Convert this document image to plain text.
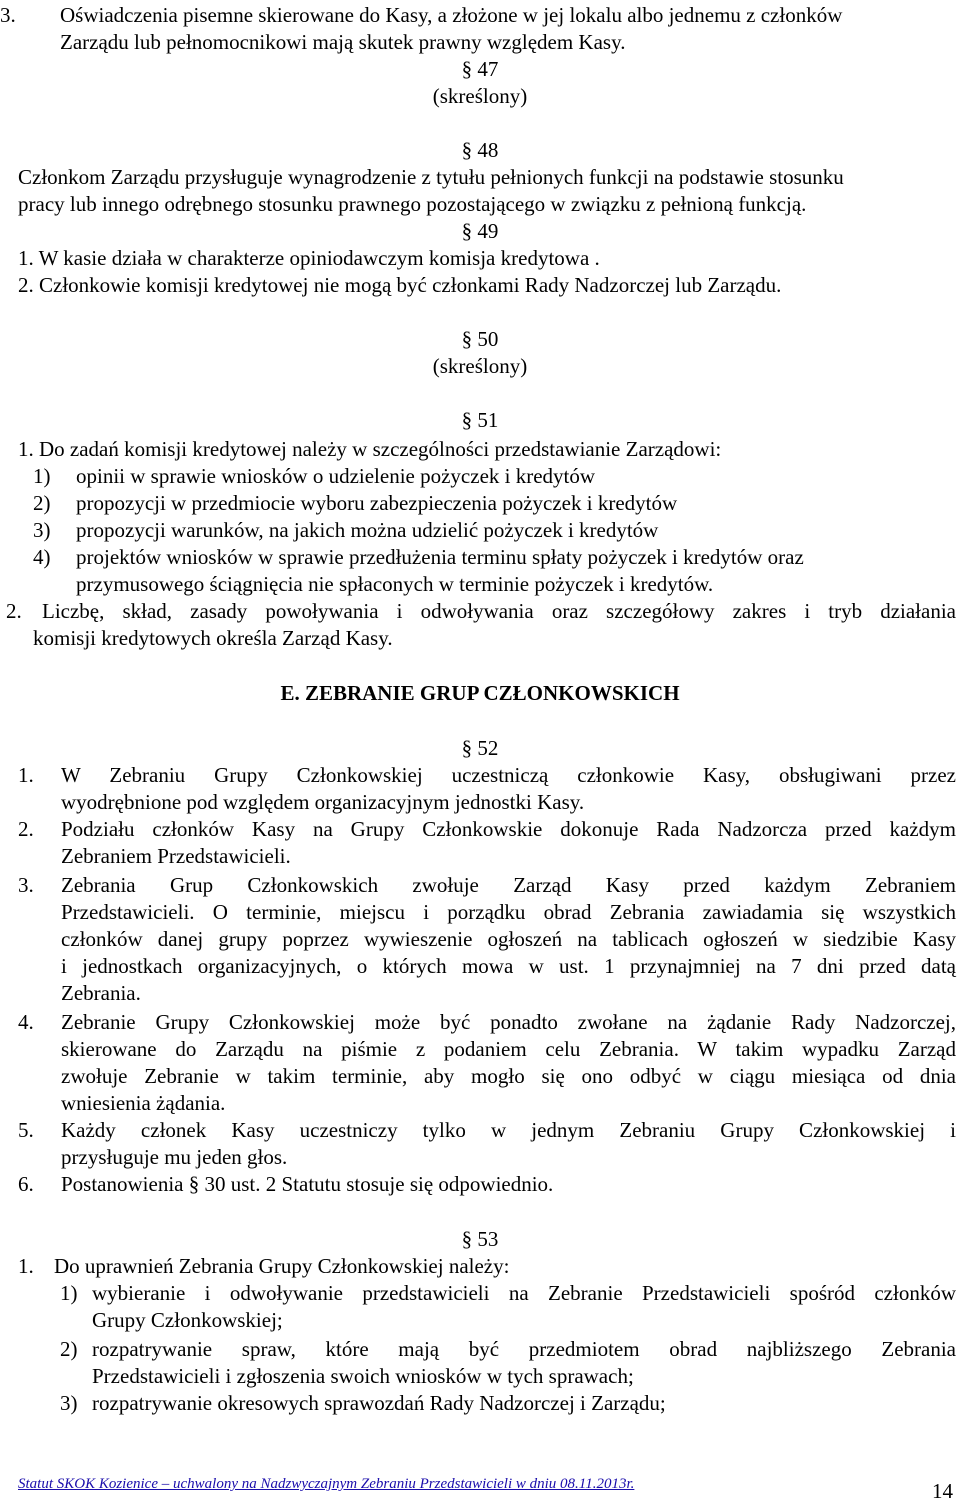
3. Oświadczenia pisemne skierowane do Kasy, a złożone w jej lokalu albo jednemu z członków
Zarządu lub pełnomocnikowi mają skutek prawny względem Kasy.
§ 47
(skreślony)
§ 48
Członkom Zarządu przysługuje wynagrodzenie z tytułu pełnionych funkcji na podstawie stosunku
pracy lub innego odrębnego stosunku prawnego pozostającego w związku z pełnioną funkcją.
§ 49
1. W kasie działa w charakterze opiniodawczym komisja kredytowa .
2. Członkowie komisji kredytowej nie mogą być członkami Rady Nadzorczej lub Zarządu.
§ 50
(skreślony)
§ 51
1. Do zadań komisji kredytowej należy w szczególności przedstawianie Zarządowi:
1) opinii w sprawie wniosków o udzielenie pożyczek i kredytów
2) propozycji w przedmiocie wyboru zabezpieczenia pożyczek i kredytów
3) propozycji warunków, na jakich można udzielić pożyczek i kredytów
4) projektów wniosków w sprawie przedłużenia terminu spłaty pożyczek i kredytów oraz
przymusowego ściągnięcia nie spłaconych w terminie pożyczek i kredytów.
2. Liczbę, skład, zasady powoływania i odwoływania oraz szczegółowy zakres i tryb działania
komisji kredytowych określa Zarząd Kasy.
E. ZEBRANIE GRUP CZŁONKOWSKICH
§ 52
1. W Zebraniu Grupy Członkowskiej uczestniczą członkowie Kasy, obsługiwani przez
wyodrębnione pod względem organizacyjnym jednostki Kasy.
2. Podziału członków Kasy na Grupy Członkowskie dokonuje Rada Nadzorcza przed każdym
Zebraniem Przedstawicieli.
3. Zebrania Grup Członkowskich zwołuje Zarząd Kasy przed każdym Zebraniem
Przedstawicieli. O terminie, miejscu i porządku obrad Zebrania zawiadamia się wszystkich
członków danej grupy poprzez wywieszenie ogłoszeń na tablicach ogłoszeń w siedzibie Kasy
i jednostkach organizacyjnych, o których mowa w ust. 1 przynajmniej na 7 dni przed datą
Zebrania.
4. Zebranie Grupy Członkowskiej może być ponadto zwołane na żądanie Rady Nadzorczej,
skierowane do Zarządu na piśmie z podaniem celu Zebrania. W takim wypadku Zarząd
zwołuje Zebranie w takim terminie, aby mogło się ono odbyć w ciągu miesiąca od dnia
wniesienia żądania.
5. Każdy członek Kasy uczestniczy tylko w jednym Zebraniu Grupy Członkowskiej i
przysługuje mu jeden głos.
6. Postanowienia § 30 ust. 2 Statutu stosuje się odpowiednio.
§ 53
1. Do uprawnień Zebrania Grupy Członkowskiej należy:
1) wybieranie i odwoływanie przedstawicieli na Zebranie Przedstawicieli spośród członków
Grupy Członkowskiej;
2) rozpatrywanie spraw, które mają być przedmiotem obrad najbliższego Zebrania
Przedstawicieli i zgłoszenia swoich wniosków w tych sprawach;
3) rozpatrywanie okresowych sprawozdań Rady Nadzorczej i Zarządu;
Statut SKOK Kozienice – uchwalony na Nadzwyczajnym Zebraniu Przedstawicieli w dniu 08.11.2013r.	14
